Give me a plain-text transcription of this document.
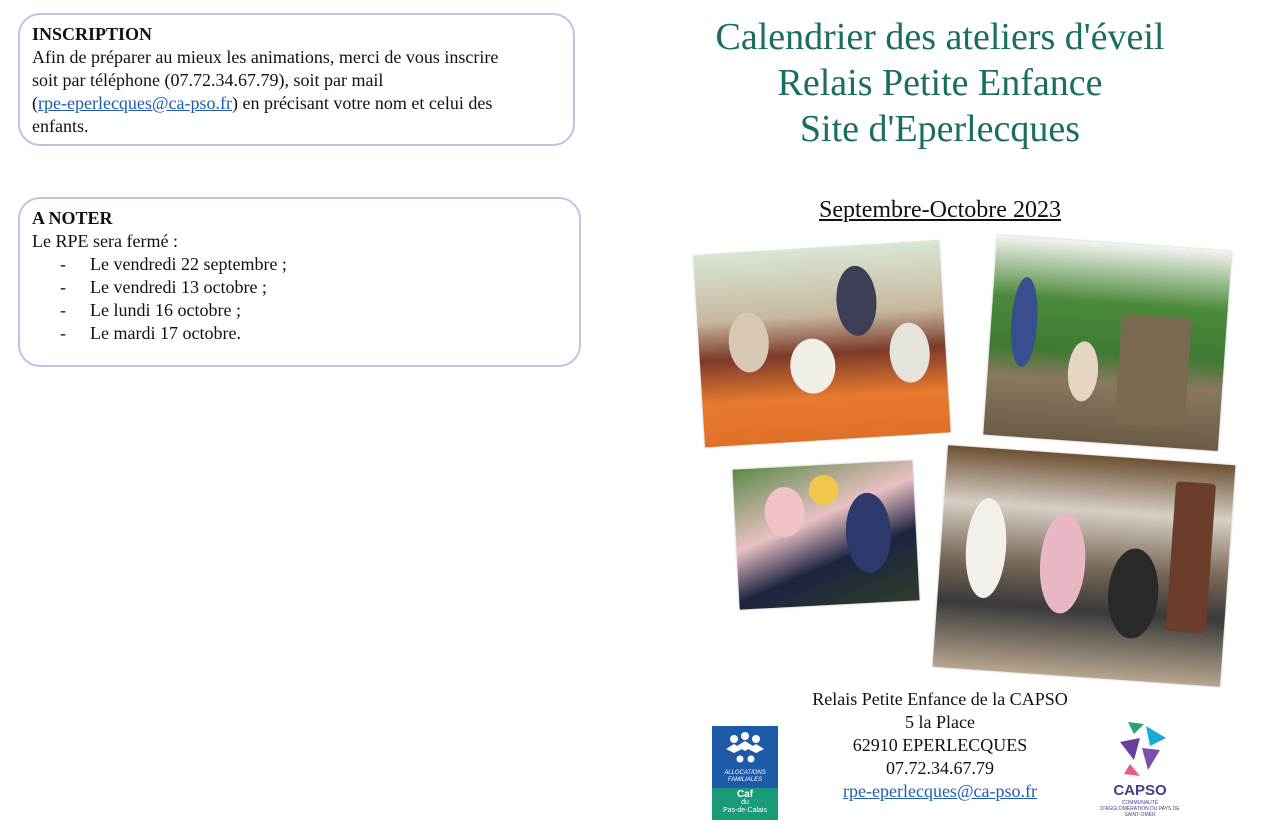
INSCRIPTION

Afin de préparer au mieux les animations, merci de vous inscrire

soit par téléphone (07.72.34.67.79), soit par mail

(rpe-eperlecques@ca-pso.fr) en précisant votre nom et celui des

enfants.

A NOTER

Le RPE sera fermé :

-	Le vendredi 22 septembre ;
-	Le vendredi 13 octobre ;
-	Le lundi 16 octobre ;
-	Le mardi 17 octobre.
Calendrier des ateliers d'éveil
Relais Petite Enfance
Site d'Eperlecques
Septembre-Octobre 2023
Relais Petite Enfance de la CAPSO
5 la Place
62910 EPERLECQUES
07.72.34.67.79
rpe-eperlecques@ca-pso.fr
ALLOCATIONS
FAMILIALES
Caf
du
Pas-de-Calais
CAPSO
COMMUNAUTÉ D'AGGLOMÉRATION DU PAYS DE SAINT-OMER
